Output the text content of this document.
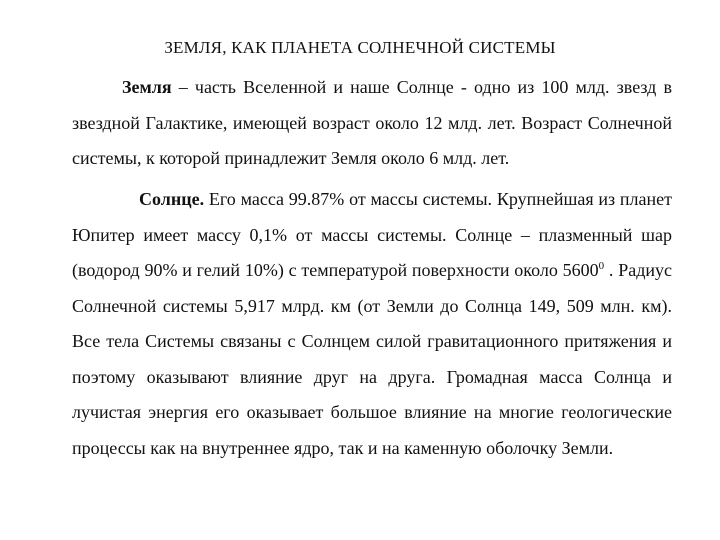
ЗЕМЛЯ, КАК ПЛАНЕТА СОЛНЕЧНОЙ СИСТЕМЫ

Земля – часть Вселенной и наше Солнце - одно из 100 млд. звезд в звездной Галактике, имеющей возраст около 12 млд. лет. Возраст Солнечной системы, к которой принадлежит Земля около 6 млд. лет.

Солнце. Его масса 99.87% от массы системы. Крупнейшая из планет Юпитер имеет массу 0,1% от массы системы. Солнце – плазменный шар (водород 90% и гелий 10%) с температурой поверхности около 5600$^0$ . Радиус Солнечной системы 5,917 млрд. км (от Земли до Солнца 149, 509 млн. км). Все тела Системы связаны с Солнцем силой гравитационного притяжения и поэтому оказывают влияние друг на друга. Громадная масса Солнца и лучистая энергия его оказывает большое влияние на многие геологические процессы как на внутреннее ядро, так и на каменную оболочку Земли.
